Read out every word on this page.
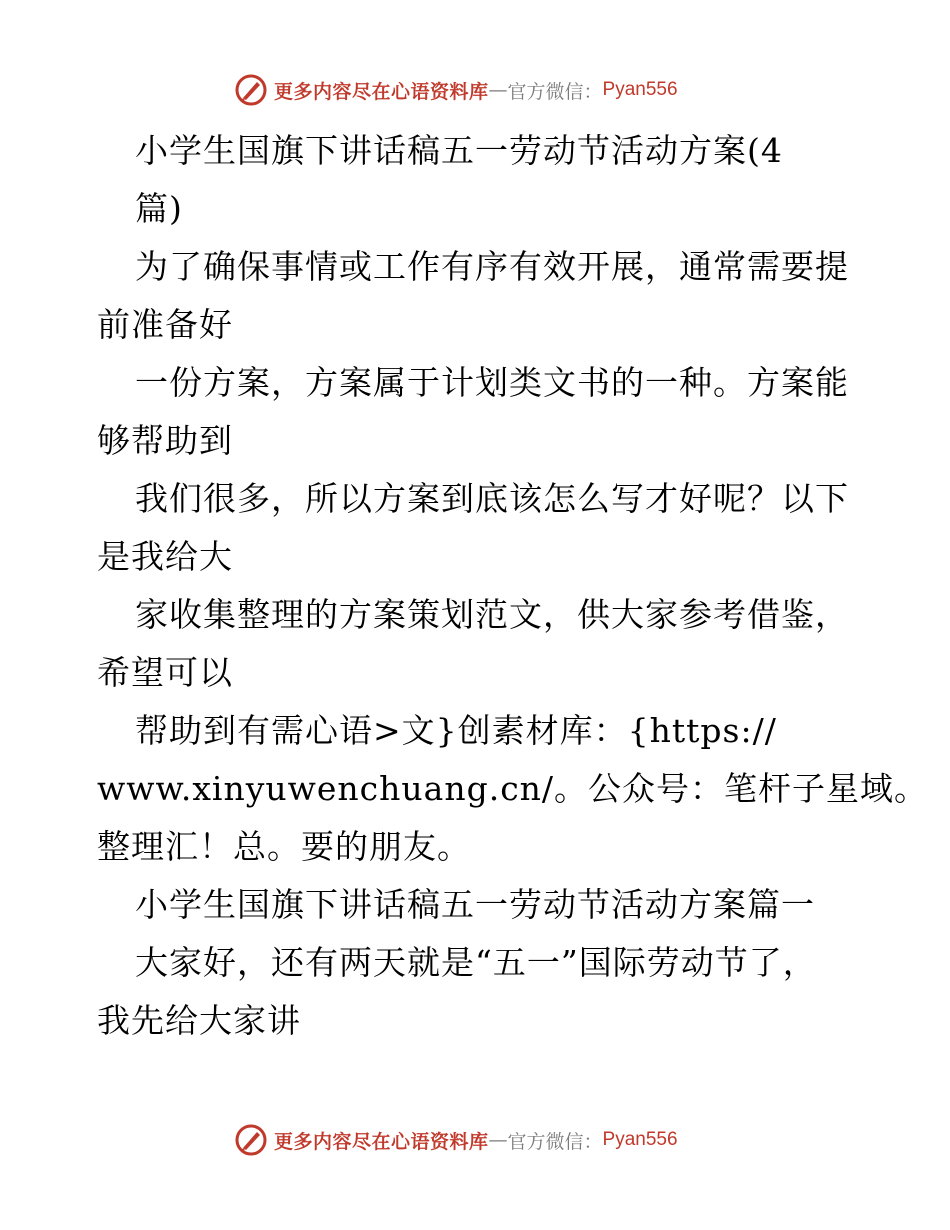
更多内容尽在心语资料库 — 官方微信： Pyan556
小学生国旗下讲话稿五一劳动节活动方案(4
篇)
为了确保事情或工作有序有效开展，通常需要提
前准备好
一份方案，方案属于计划类文书的一种。方案能
够帮助到
我们很多，所以方案到底该怎么写才好呢？以下
是我给大
家收集整理的方案策划范文，供大家参考借鉴，
希望可以
帮助到有需心语>文}创素材库：{https://
www.xinyuwenchuang.cn/。公众号：笔杆子星域。
整理汇！总。要的朋友。
小学生国旗下讲话稿五一劳动节活动方案篇一
大家好，还有两天就是“五一”国际劳动节了，
我先给大家讲
更多内容尽在心语资料库 — 官方微信： Pyan556
